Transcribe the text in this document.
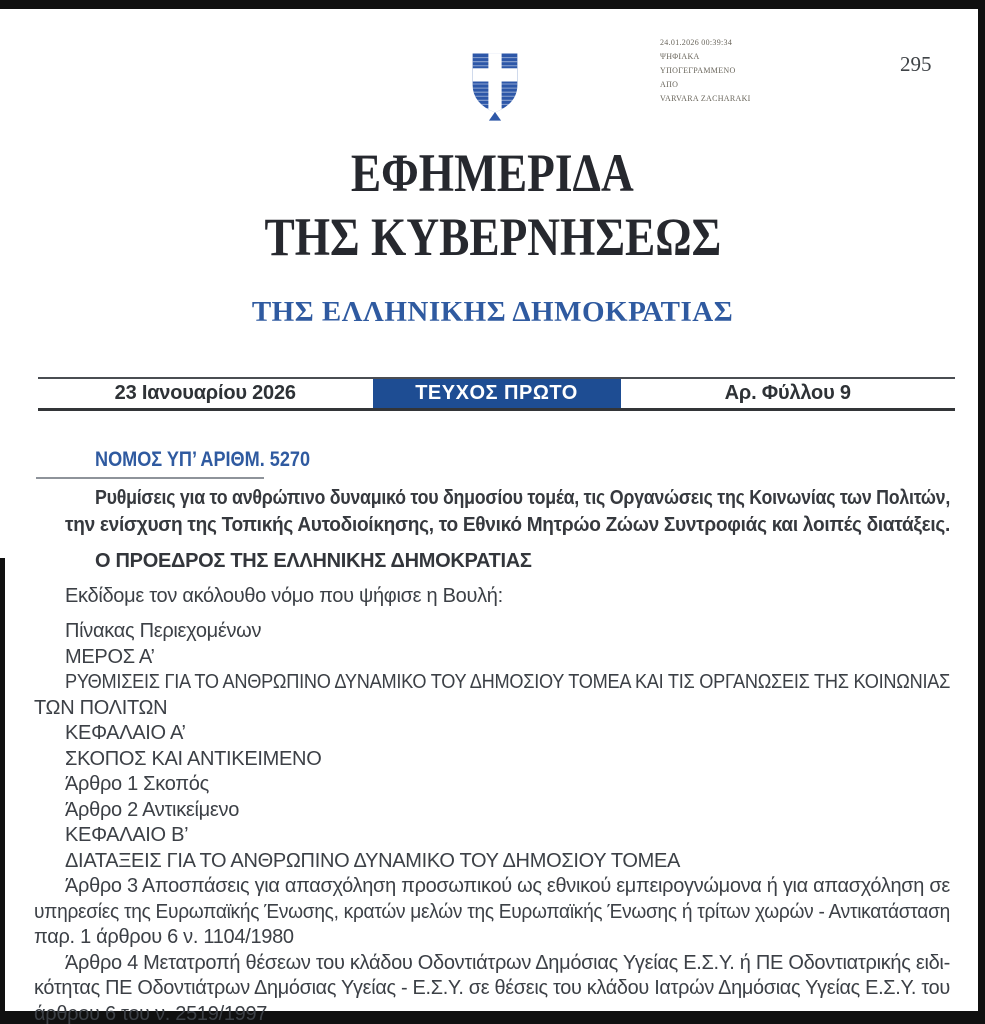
24.01.2026 00:39:34
ΨΗΦΙΑΚΑ
ΥΠΟΓΕΓΡΑΜΜΕΝΟ
ΑΠΟ
VARVARA ZACHARAKI
295
ΕΦΗΜΕΡΙΔΑ
ΤΗΣ ΚΥΒΕΡΝΗΣΕΩΣ
ΤΗΣ ΕΛΛΗΝΙΚΗΣ ΔΗΜΟΚΡΑΤΙΑΣ
23 Ιανουαρίου 2026	ΤΕΥΧΟΣ ΠΡΩΤΟ	Αρ. Φύλλου 9
ΝΟΜΟΣ ΥΠ’ ΑΡΙΘΜ. 5270
Ρυθμίσεις για το ανθρώπινο δυναμικό του δημοσίου τομέα, τις Οργανώσεις της Κοινωνίας των Πολιτών,
την ενίσχυση της Τοπικής Αυτοδιοίκησης, το Εθνικό Μητρώο Ζώων Συντροφιάς και λοιπές διατάξεις.
Ο ΠΡΟΕΔΡΟΣ ΤΗΣ ΕΛΛΗΝΙΚΗΣ ΔΗΜΟΚΡΑΤΙΑΣ
Εκδίδομε τον ακόλουθο νόμο που ψήφισε η Βουλή:
Πίνακας Περιεχομένων
ΜΕΡΟΣ Α’
ΡΥΘΜΙΣΕΙΣ ΓΙΑ ΤΟ ΑΝΘΡΩΠΙΝΟ ΔΥΝΑΜΙΚΟ ΤΟΥ ΔΗΜΟΣΙΟΥ ΤΟΜΕΑ ΚΑΙ ΤΙΣ ΟΡΓΑΝΩΣΕΙΣ ΤΗΣ ΚΟΙΝΩΝΙΑΣ
ΤΩΝ ΠΟΛΙΤΩΝ
ΚΕΦΑΛΑΙΟ Α’
ΣΚΟΠΟΣ ΚΑΙ ΑΝΤΙΚΕΙΜΕΝΟ
Άρθρο 1 Σκοπός
Άρθρο 2 Αντικείμενο
ΚΕΦΑΛΑΙΟ Β’
ΔΙΑΤΑΞΕΙΣ ΓΙΑ ΤΟ ΑΝΘΡΩΠΙΝΟ ΔΥΝΑΜΙΚΟ ΤΟΥ ΔΗΜΟΣΙΟΥ ΤΟΜΕΑ
Άρθρο 3 Αποσπάσεις για απασχόληση προσωπικού ως εθνικού εμπειρογνώμονα ή για απασχόληση σε
υπηρεσίες της Ευρωπαϊκής Ένωσης, κρατών μελών της Ευρωπαϊκής Ένωσης ή τρίτων χωρών - Αντικατάσταση
παρ. 1 άρθρου 6 ν. 1104/1980
Άρθρο 4 Μετατροπή θέσεων του κλάδου Οδοντιάτρων Δημόσιας Υγείας Ε.Σ.Υ. ή ΠΕ Οδοντιατρικής ειδι-
κότητας ΠΕ Οδοντιάτρων Δημόσιας Υγείας - Ε.Σ.Υ. σε θέσεις του κλάδου Ιατρών Δημόσιας Υγείας Ε.Σ.Υ. του
άρθρου 6 του ν. 2519/1997
